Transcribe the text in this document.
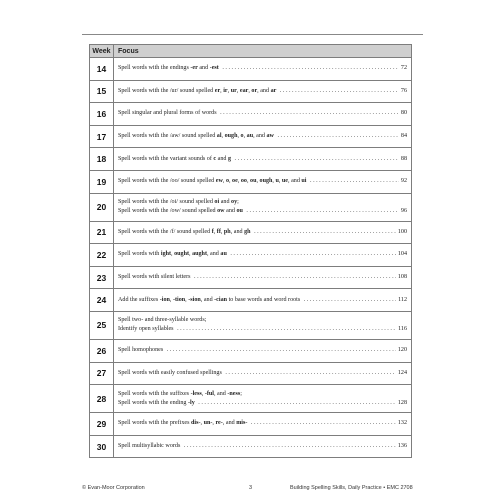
Week	Focus
14	Spell words with the endings -er and -est . . . 72

15	Spell words with the /ur/ sound spelled er, ir, ur, ear, or, and ar . . . 76

16	Spell singular and plural forms of words . . . 80

17	Spell words with the /aw/ sound spelled al, ough, o, au, and aw . . . 84

18	Spell words with the variant sounds of c and g . . . 88

19	Spell words with the /oo/ sound spelled ew, o, oe, oo, ou, ough, u, ue, and ui . . . 92

20	Spell words with the /oi/ sound spelled oi and oy;
Spell words with the /ow/ sound spelled ow and ou . . . 96

21	Spell words with the /f/ sound spelled f, ff, ph, and gh . . . 100

22	Spell words with ight, ought, aught, and au . . . 104

23	Spell words with silent letters . . . 108

24	Add the suffixes -ion, -tion, -sion, and -cian to base words and word roots . . . 112

25	Spell two- and three-syllable words;
Identify open syllables . . . 116

26	Spell homophones . . . 120

27	Spell words with easily confused spellings . . . 124

28	Spell words with the suffixes -less, -ful, and -ness;
Spell words with the ending -ly . . . 128

29	Spell words with the prefixes dis-, un-, re-, and mis- . . . 132

30	Spell multisyllabic words . . . 136
© Evan-Moor Corporation	3	Building Spelling Skills, Daily Practice • EMC 2708
